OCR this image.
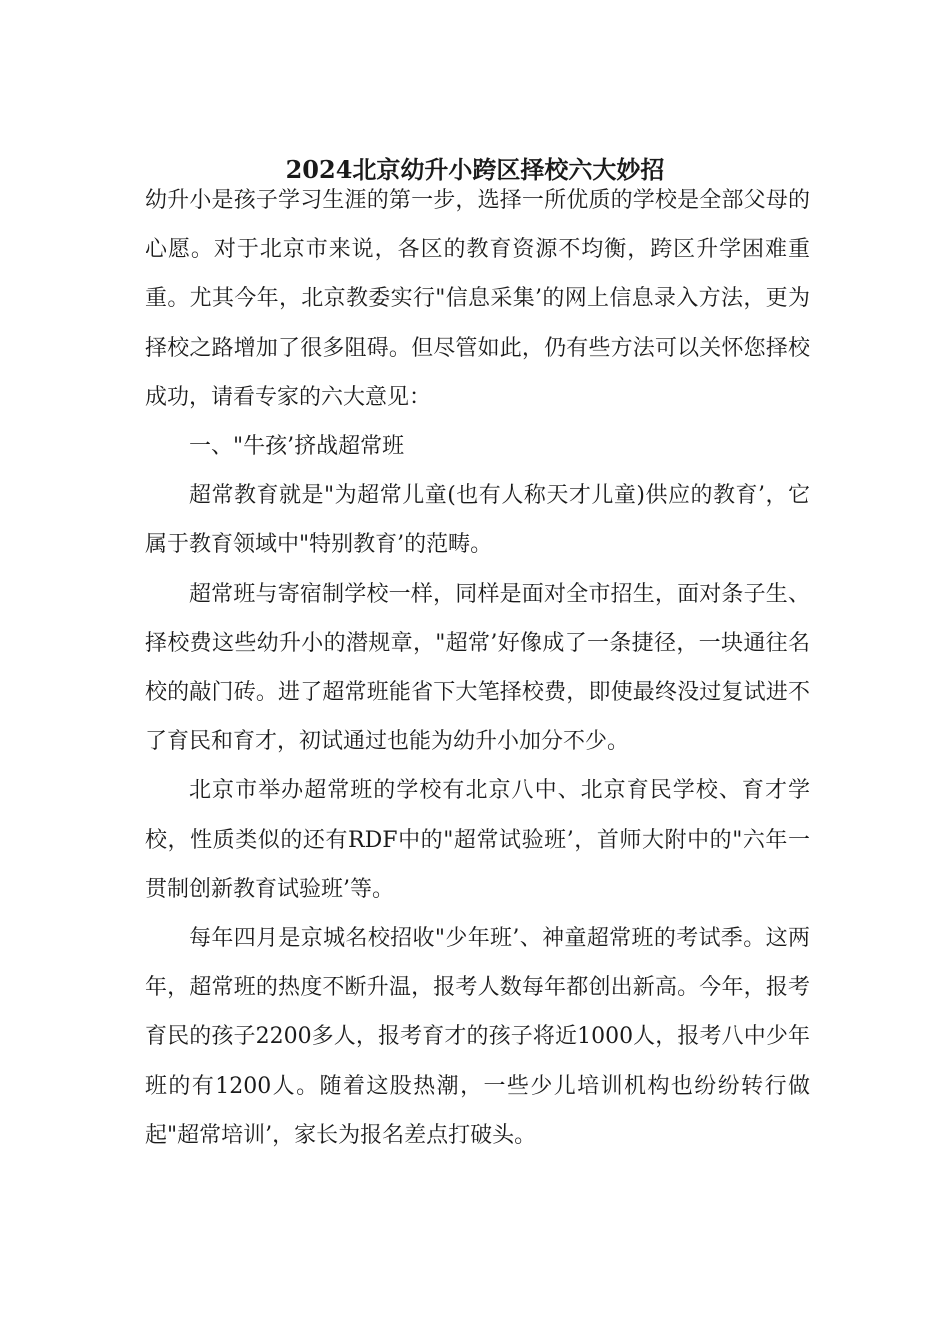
2024北京幼升小跨区择校六大妙招

幼升小是孩子学习生涯的第一步，选择一所优质的学校是全部父母的心愿。对于北京市来说，各区的教育资源不均衡，跨区升学困难重重。尤其今年，北京教委实行"信息采集’的网上信息录入方法，更为择校之路增加了很多阻碍。但尽管如此，仍有些方法可以关怀您择校成功，请看专家的六大意见：

一、"牛孩’挤战超常班

超常教育就是"为超常儿童(也有人称天才儿童)供应的教育’，它属于教育领域中"特别教育’的范畴。

超常班与寄宿制学校一样，同样是面对全市招生，面对条子生、择校费这些幼升小的潜规章，"超常’好像成了一条捷径，一块通往名校的敲门砖。进了超常班能省下大笔择校费，即使最终没过复试进不了育民和育才，初试通过也能为幼升小加分不少。

北京市举办超常班的学校有北京八中、北京育民学校、育才学校，性质类似的还有RDF中的"超常试验班’，首师大附中的"六年一贯制创新教育试验班’等。

每年四月是京城名校招收"少年班’、神童超常班的考试季。这两年，超常班的热度不断升温，报考人数每年都创出新高。今年，报考育民的孩子2200多人，报考育才的孩子将近1000人，报考八中少年班的有1200人。随着这股热潮，一些少儿培训机构也纷纷转行做起"超常培训’，家长为报名差点打破头。
